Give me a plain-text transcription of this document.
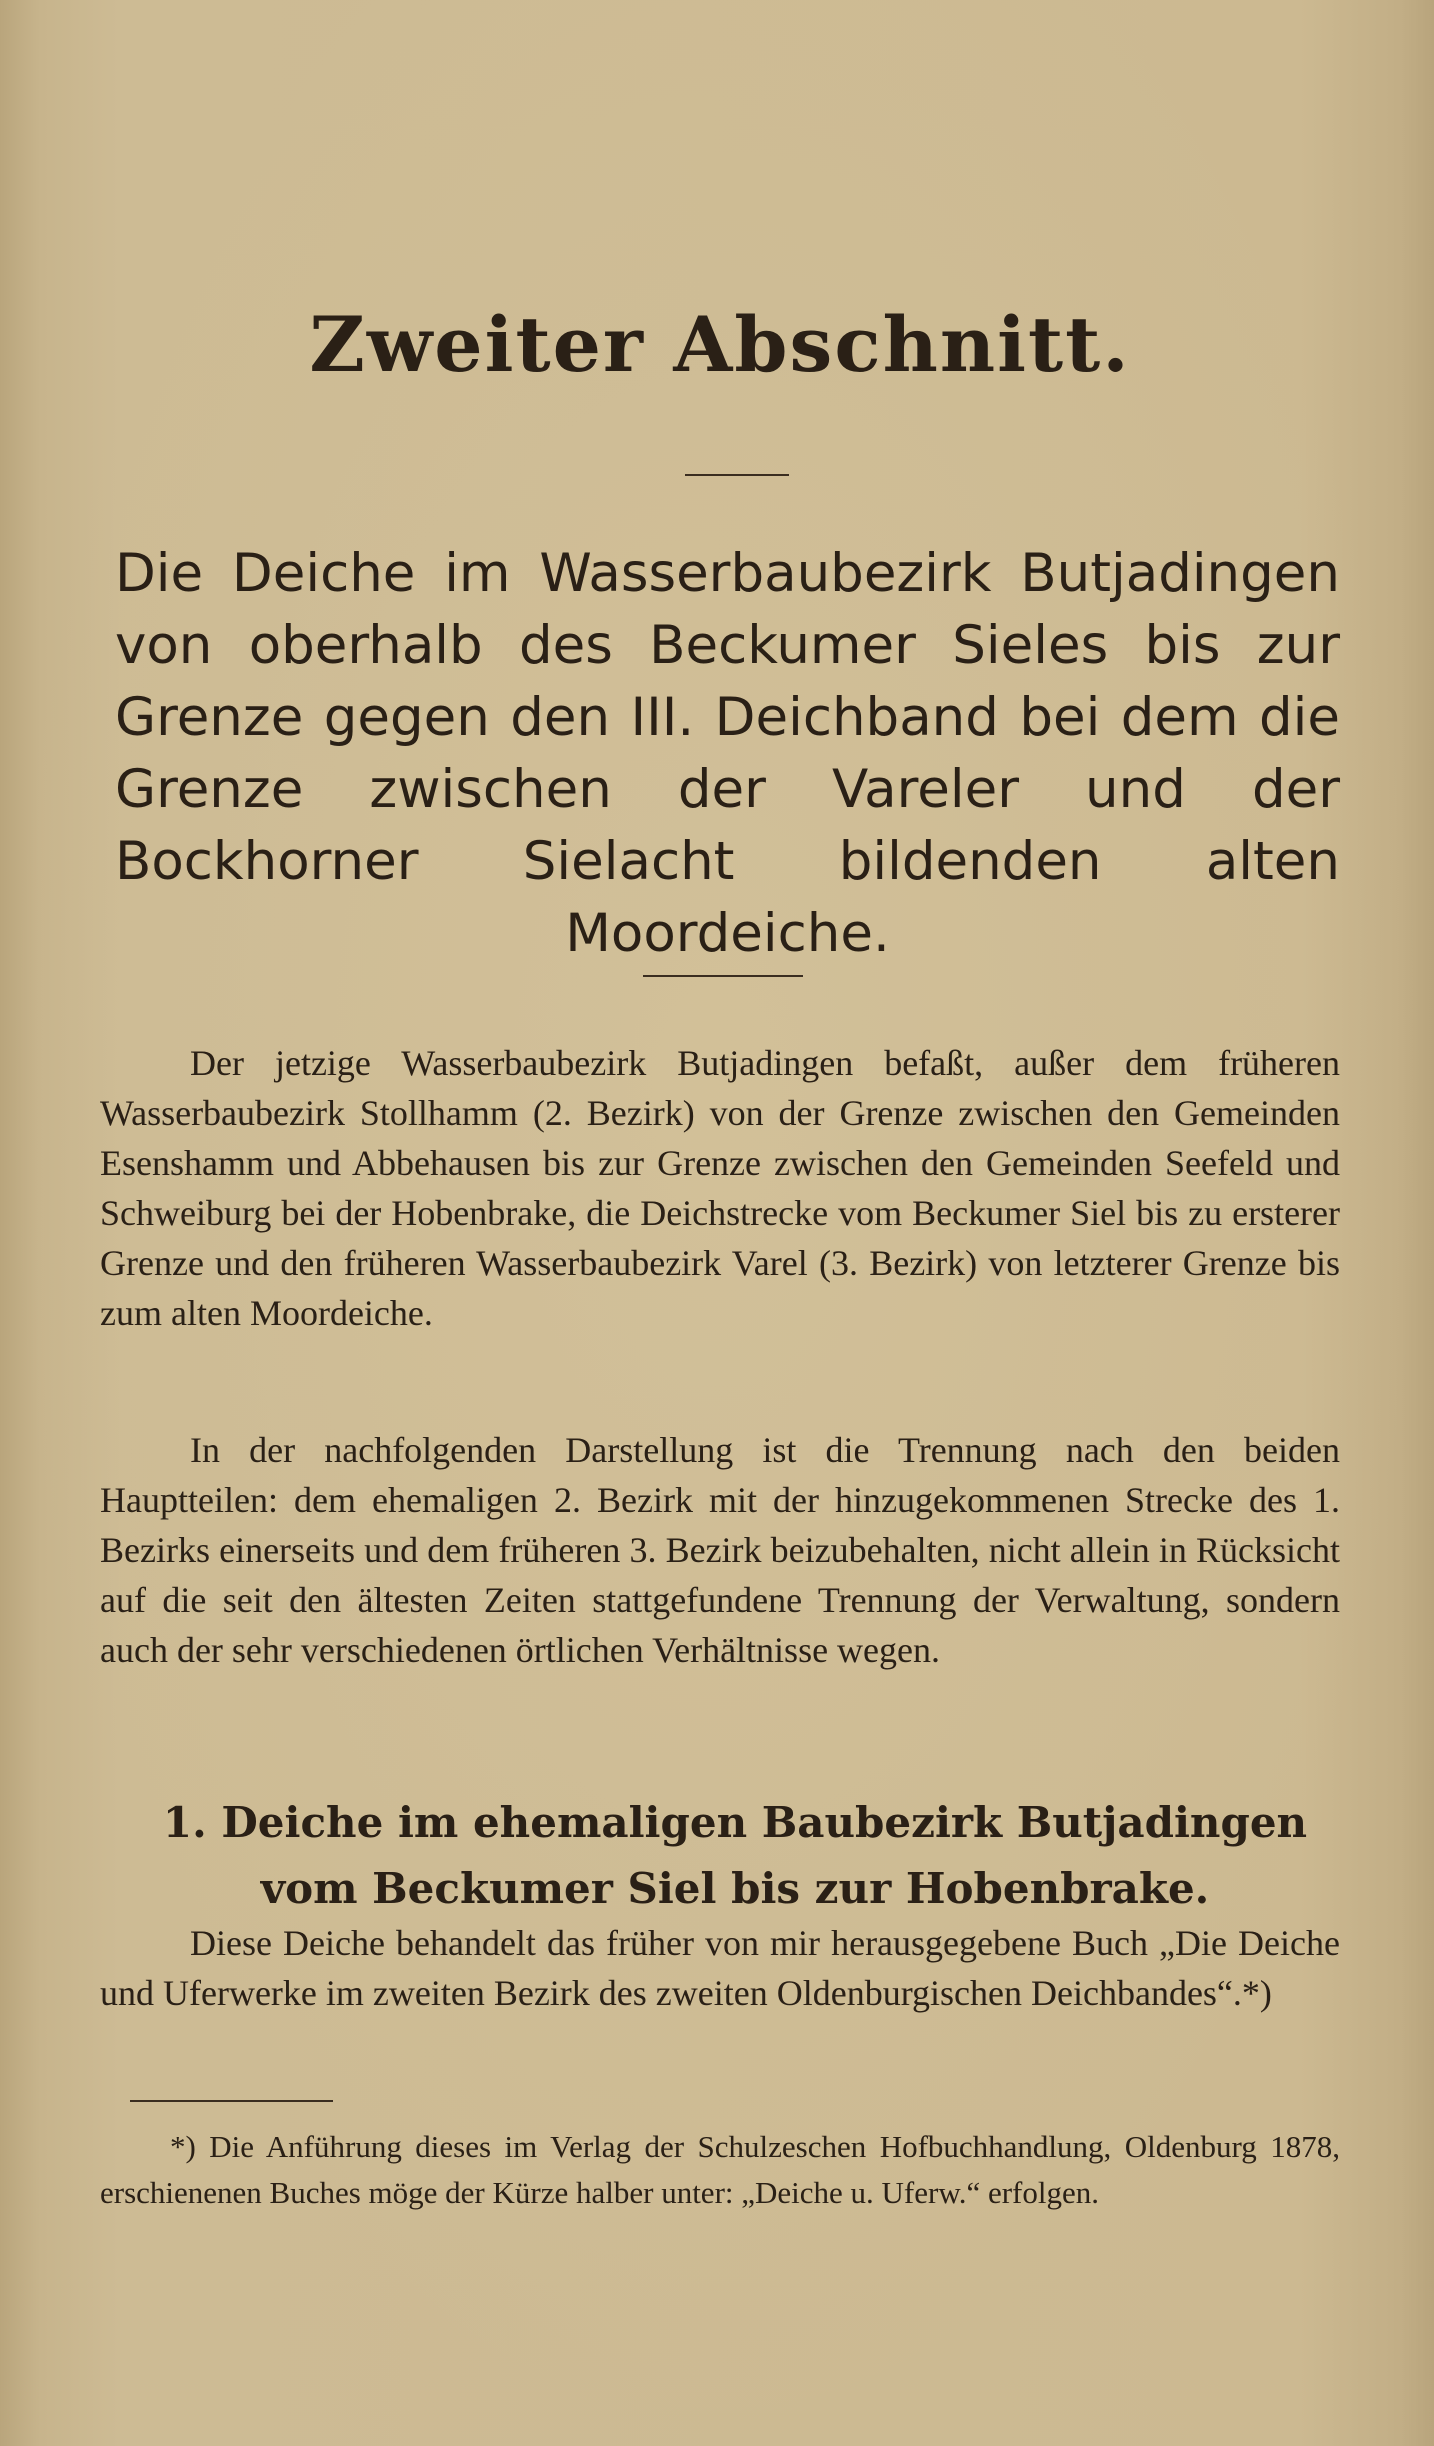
Zweiter Abschnitt.

Die Deiche im Wasserbaubezirk Butjadingen von oberhalb des Beckumer Sieles bis zur Grenze gegen den III. Deichband bei dem die Grenze zwischen der Vareler und der Bockhorner Sielacht bildenden alten Moordeiche.

Der jetzige Wasserbaubezirk Butjadingen befaßt, außer dem früheren Wasserbaubezirk Stollhamm (2. Bezirk) von der Grenze zwischen den Gemeinden Esenshamm und Abbehausen bis zur Grenze zwischen den Gemeinden Seefeld und Schweiburg bei der Hobenbrake, die Deichstrecke vom Beckumer Siel bis zu ersterer Grenze und den früheren Wasserbaubezirk Varel (3. Bezirk) von letzterer Grenze bis zum alten Moordeiche.

In der nachfolgenden Darstellung ist die Trennung nach den beiden Hauptteilen: dem ehemaligen 2. Bezirk mit der hinzugekommenen Strecke des 1. Bezirks einerseits und dem früheren 3. Bezirk beizubehalten, nicht allein in Rücksicht auf die seit den ältesten Zeiten stattgefundene Trennung der Verwaltung, sondern auch der sehr verschiedenen örtlichen Verhältnisse wegen.

1. Deiche im ehemaligen Baubezirk Butjadingen vom Beckumer Siel bis zur Hobenbrake.

Diese Deiche behandelt das früher von mir herausgegebene Buch „Die Deiche und Uferwerke im zweiten Bezirk des zweiten Oldenburgischen Deichbandes“.*)

*) Die Anführung dieses im Verlag der Schulzeschen Hofbuchhandlung, Oldenburg 1878, erschienenen Buches möge der Kürze halber unter: „Deiche u. Uferw.“ erfolgen.
